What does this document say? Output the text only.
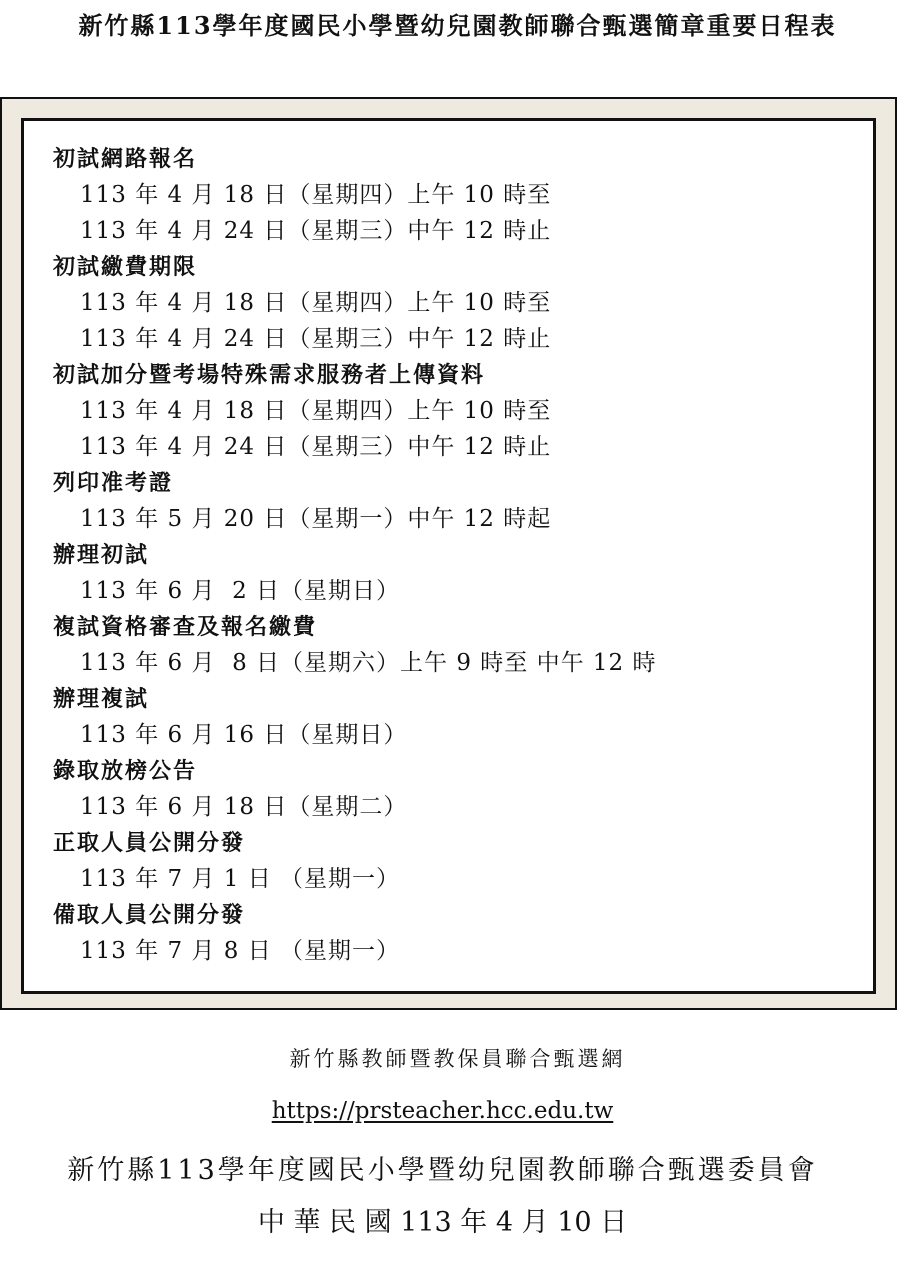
新竹縣113學年度國民小學暨幼兒園教師聯合甄選簡章重要日程表
初試網路報名
113 年 4 月 18 日（星期四）上午 10 時至
113 年 4 月 24 日（星期三）中午 12 時止
初試繳費期限
113 年 4 月 18 日（星期四）上午 10 時至
113 年 4 月 24 日（星期三）中午 12 時止
初試加分暨考場特殊需求服務者上傳資料
113 年 4 月 18 日（星期四）上午 10 時至
113 年 4 月 24 日（星期三）中午 12 時止
列印准考證
113 年 5 月 20 日（星期一）中午 12 時起
辦理初試
113 年 6 月  2 日（星期日）
複試資格審查及報名繳費
113 年 6 月  8 日（星期六）上午 9 時至 中午 12 時
辦理複試
113 年 6 月 16 日（星期日）
錄取放榜公告
113 年 6 月 18 日（星期二）
正取人員公開分發
113 年 7 月 1 日 （星期一）
備取人員公開分發
113 年 7 月 8 日 （星期一）
新竹縣教師暨教保員聯合甄選網
https://prsteacher.hcc.edu.tw
新竹縣113學年度國民小學暨幼兒園教師聯合甄選委員會
中 華 民 國 113 年 4 月 10 日
